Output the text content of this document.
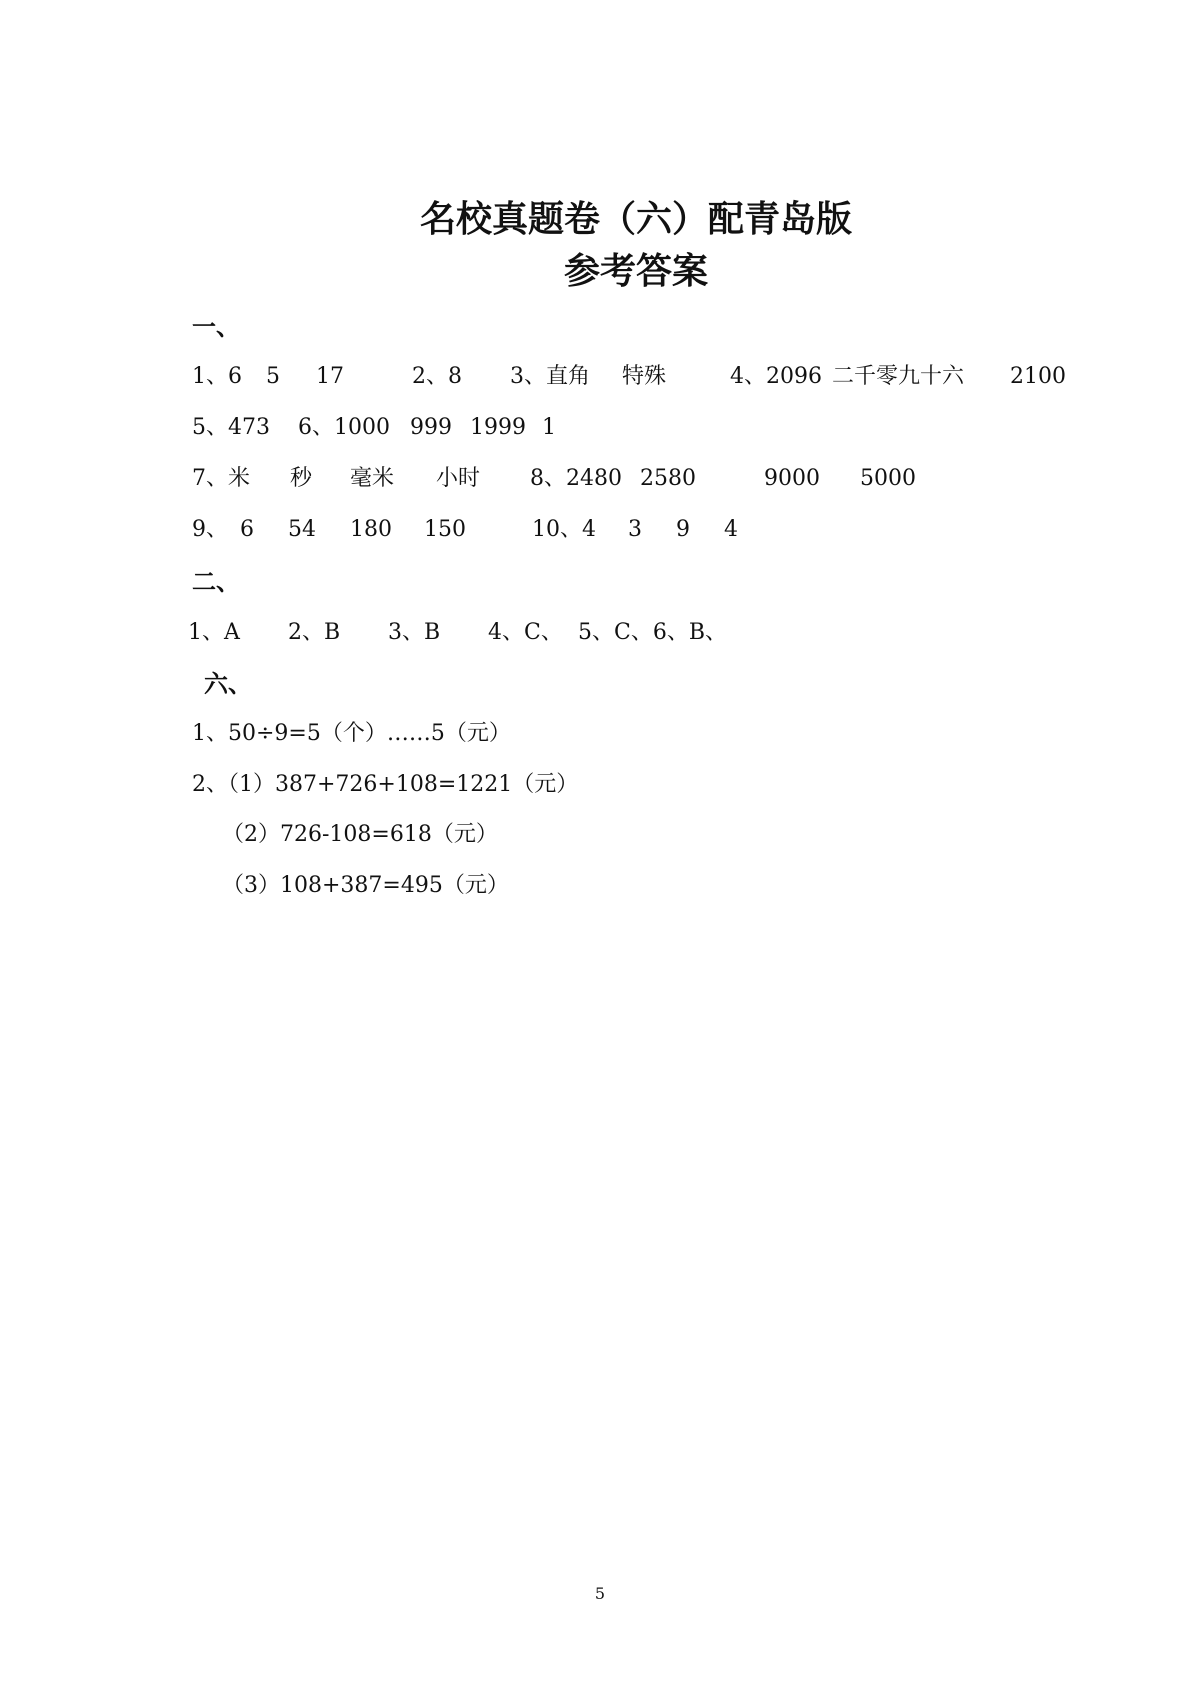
名校真题卷（六）配青岛版
参考答案
一、
1、6 5 17	2、8 3、直角 特殊	4、2096 二千零九十六 2100
5、473 6、1000 999 1999 1
7、米 秒 毫米 小时 8、2480 2580	9000 5000
9、 6 54 180 150	10、4 3 9 4
二、
1、A 2、B 3、B 4、C、 5、C、6、B、
六、
1、50÷9=5（个）……5（元）
2、（1）387+726+108=1221（元）
（2）726-108=618（元）
（3）108+387=495（元）
5
